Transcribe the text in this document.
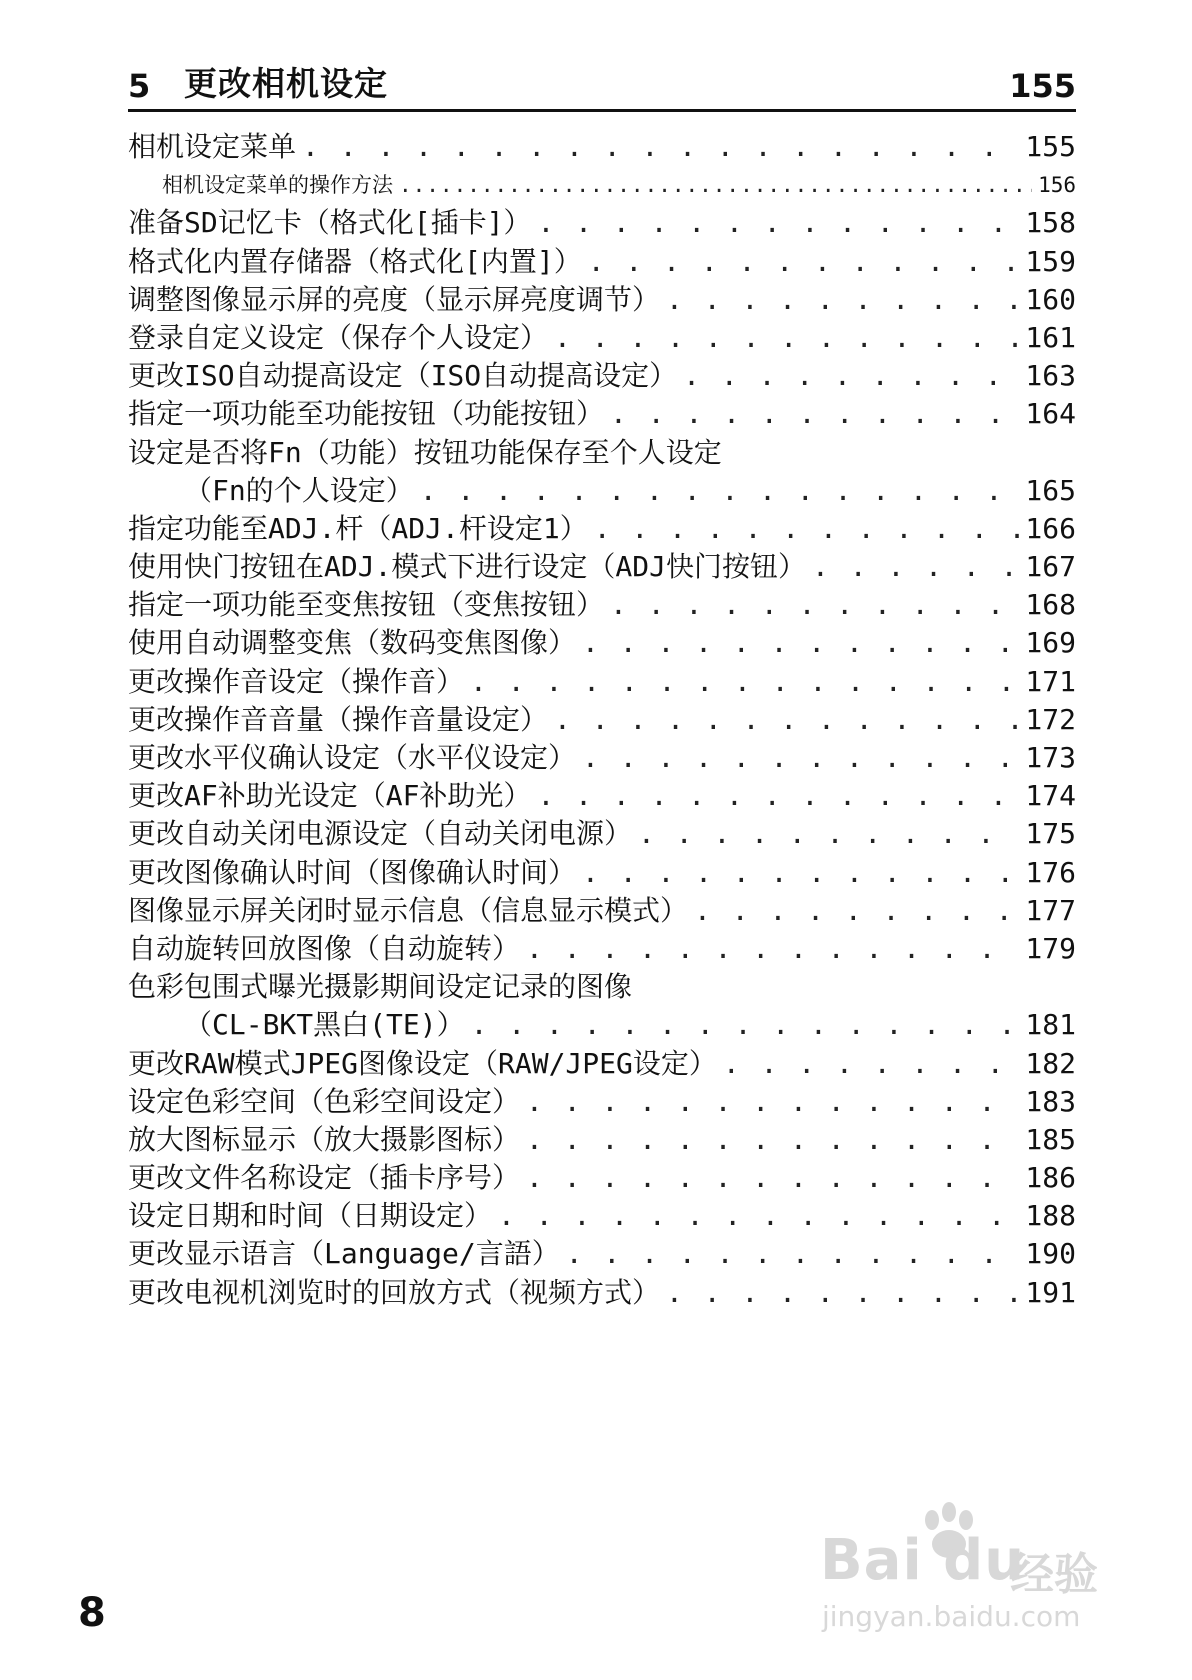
5	更改相机设定	155
相机设定菜单 . . .	155
相机设定菜单的操作方法 .....	156
准备SD记忆卡（格式化[插卡]） . . .	158
格式化内置存储器（格式化[内置]） . . .	159
调整图像显示屏的亮度（显示屏亮度调节） . . .	160
登录自定义设定（保存个人设定） . . .	161
更改ISO自动提高设定（ISO自动提高设定） . . .	163
指定一项功能至功能按钮（功能按钮） . . .	164
设定是否将Fn（功能）按钮功能保存至个人设定
（Fn的个人设定） . . .	165
指定功能至ADJ.杆（ADJ.杆设定1） . . .	166
使用快门按钮在ADJ.模式下进行设定（ADJ快门按钮） . . .	167
指定一项功能至变焦按钮（变焦按钮） . . .	168
使用自动调整变焦（数码变焦图像） . . .	169
更改操作音设定（操作音） . . .	171
更改操作音音量（操作音量设定） . . .	172
更改水平仪确认设定（水平仪设定） . . .	173
更改AF补助光设定（AF补助光） . . .	174
更改自动关闭电源设定（自动关闭电源） . . .	175
更改图像确认时间（图像确认时间） . . .	176
图像显示屏关闭时显示信息（信息显示模式） . . .	177
自动旋转回放图像（自动旋转） . . .	179
色彩包围式曝光摄影期间设定记录的图像
（CL-BKT黑白(TE)） . . .	181
更改RAW模式JPEG图像设定（RAW/JPEG设定） . . .	182
设定色彩空间（色彩空间设定） . . .	183
放大图标显示（放大摄影图标） . . .	185
更改文件名称设定（插卡序号） . . .	186
设定日期和时间（日期设定） . . .	188
更改显示语言（Language/言語） . . .	190
更改电视机浏览时的回放方式（视频方式） . . .	191
8
Bai du
经验
jingyan.baidu.com
